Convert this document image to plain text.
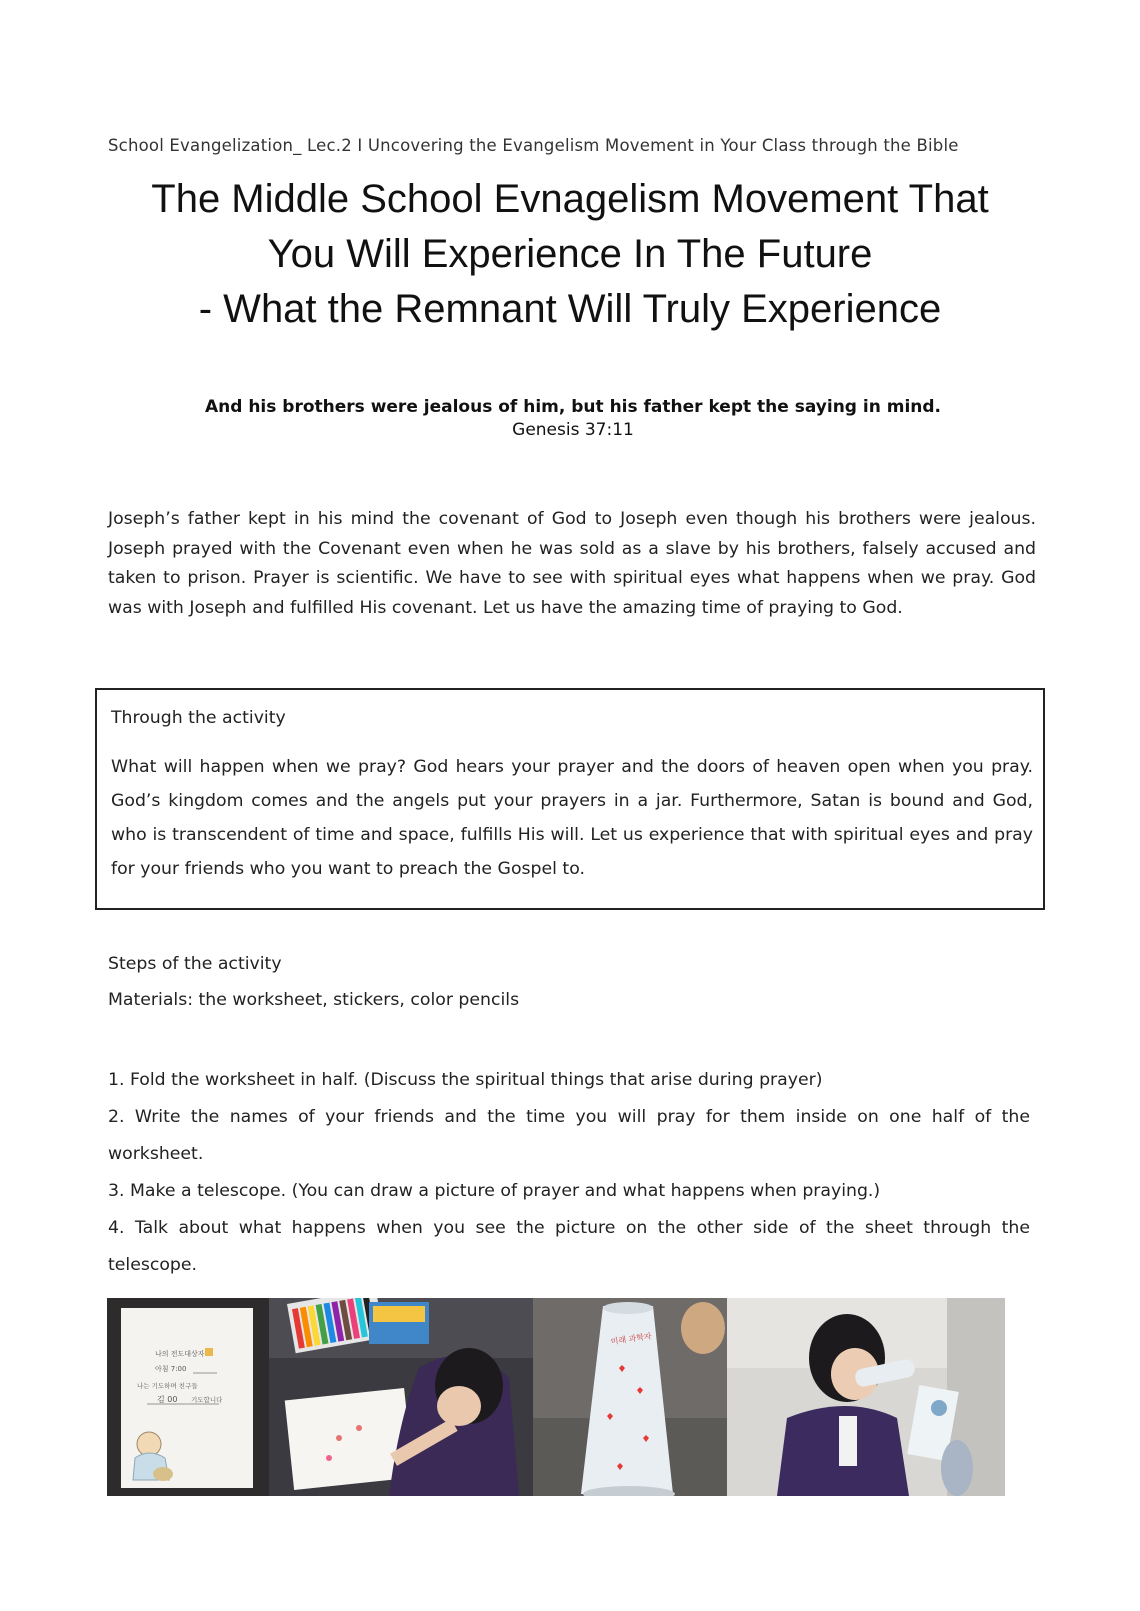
School Evangelization_ Lec.2 I Uncovering the Evangelism Movement in Your Class through the Bible
The Middle School Evnagelism Movement That
You Will Experience In The Future
- What the Remnant Will Truly Experience
And his brothers were jealous of him, but his father kept the saying in mind.
Genesis 37:11

Joseph’s father kept in his mind the covenant of God to Joseph even though his brothers were jealous. Joseph prayed with the Covenant even when he was sold as a slave by his brothers, falsely accused and taken to prison. Prayer is scientific. We have to see with spiritual eyes what happens when we pray. God was with Joseph and fulfilled His covenant. Let us have the amazing time of praying to God.

Through the activity

What will happen when we pray? God hears your prayer and the doors of heaven open when you pray. God’s kingdom comes and the angels put your prayers in a jar. Furthermore, Satan is bound and God, who is transcendent of time and space, fulfills His will. Let us experience that with spiritual eyes and pray for your friends who you want to preach the Gospel to.

Steps of the activity
Materials: the worksheet, stickers, color pencils
1. Fold the worksheet in half. (Discuss the spiritual things that arise during prayer)
2. Write the names of your friends and the time you will pray for them inside on one half of the worksheet.
3. Make a telescope. (You can draw a picture of prayer and what happens when praying.)
4. Talk about what happens when you see the picture on the other side of the sheet through the telescope.
나의 전도대상자
아침 7:00
나는 기도하며 친구들
김 00 기도합니다
미래 과학자
